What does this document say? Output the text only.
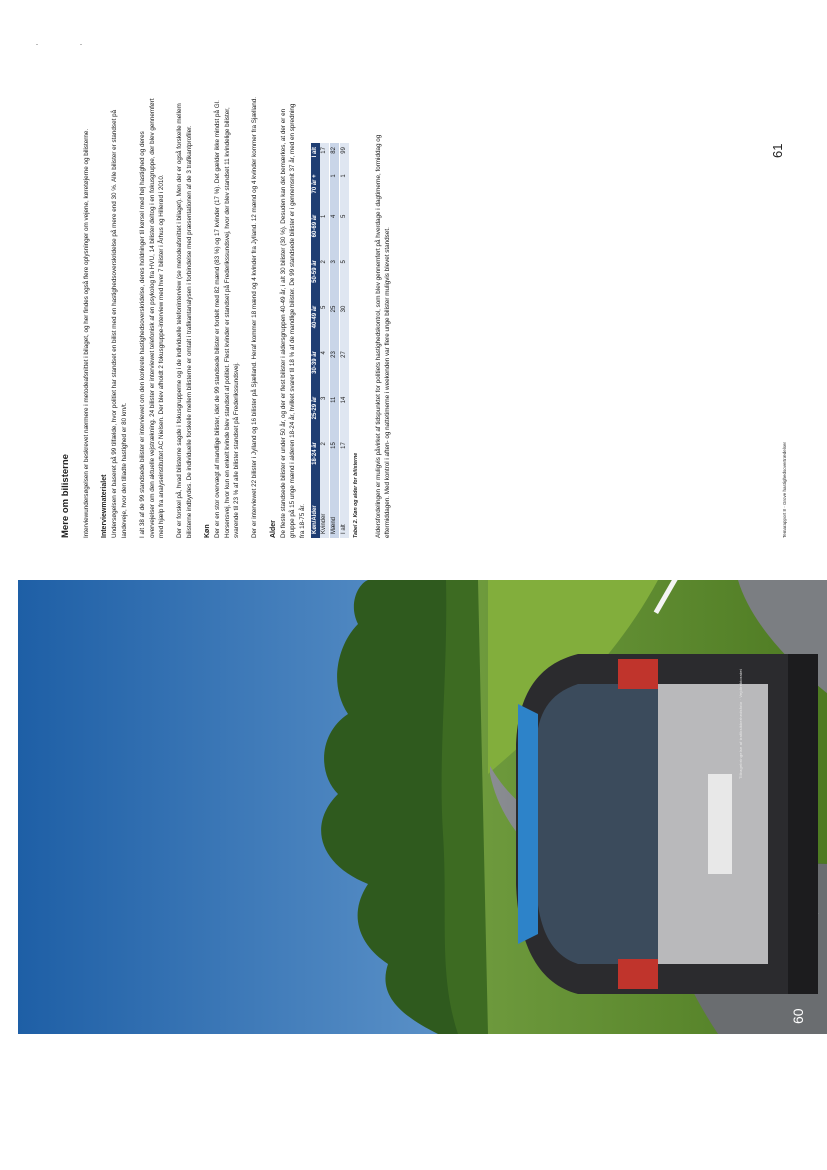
60
Tilbagebringelse af trafiksikkerhedsfoto · Vejdirektoratet
Mere om bilisterne Interviewundersøgelsen er beskrevet nærmere i metodeafsnittet i bilaget, og her findes også flere oplysninger om vejene, køretøjerne og bilisterne. Interviewmaterialet Undersøgelsen er baseret på 99 tilfælde, hvor politiet har standset en bilist med en hastighedsoverskridelse på mere end 30 %. Alle bilister er standset på landeveje, hvor den tilladte hastighed er 80 km/t. I alt 38 af de 99 standsede bilister er interviewet om den konkrete hastighedsoverskridelse, deres holdninger til kørsel med høj hastighed og deres overvejelser om den aktuelle vejstrækning. 24 bilister er interviewet telefonisk af en psykolog fra HVU, 14 bilister deltog i en fokusgruppe, der blev gennemført med hjælp fra analyseinstituttet AC Nielsen. Der blev afholdt 2 fokusgruppe-interview med hver 7 bilister i Århus og Hillerød i 2010. Der er forskel på, hvad bilisterne sagde i fokusgrupperne og i de individuelle telefoninterview (se metodeafsnittet i bilaget). Men der er også forskelle mellem bilisterne indbyrdes. De individuelle forskelle mellem bilisterne er omtalt i trafikantanalysen i forbindelse med præsentationen af de 3 trafikantprofiler. Køn Der er en stor overvægt af mandlige bilister, idet de 99 standsede bilister er fordelt med 82 mænd (83 %) og 17 kvinder (17 %). Det gælder ikke mindst på Gl. Horsensvej, hvor kun en enkelt kvinde blev standset af politiet. Flest kvinder er standset på Frederikssundsvej, hvor der blev standset 11 kvindelige bilister, svarende til 23 % af alle bilister standset på Frederikssundsvej. Der er interviewet 22 bilister i Jylland og 16 bilister på Sjælland. Heraf kommer 18 mænd og 4 kvinder fra Jylland. 12 mænd og 4 kvinder kommer fra Sjælland. Alder De fleste standsede bilister er under 50 år, og der er flest bilister i aldersgruppen 40-49 år, i alt 30 bilister (30 %). Desuden kan det bemærkes, at der er en gruppe på 15 unge mænd i alderen 18-24 år, hvilket svarer til 18 % af de mandlige bilister. De 99 standsede bilister er i gennemsnit 37 år, med en spredning fra 18-75 år. Køn/Alder	18-24 år	25-29 år	30-39 år	40-49 år	50-59 år	60-69 år	70 år +	I alt
Kvinder	2	3	4	5	2	1		17
Mænd	15	11	23	25	3	4	1	82
I alt	17	14	27	30	5	5	1	99
Tabel 2. Køn og alder for bilisterne	Aldersfordelingen er muligvis påvirket af tidspunktet for politiets hastighedskontrol, som blev gennemført på hverdage i dagtimerne, formiddag og eftermiddagen. Med kontrol i aften- og nattetimerne i weekenden var flere unge bilister muligvis blevet standset.	Temarapport 8 · Grove hastighedsovertrædelser
61
